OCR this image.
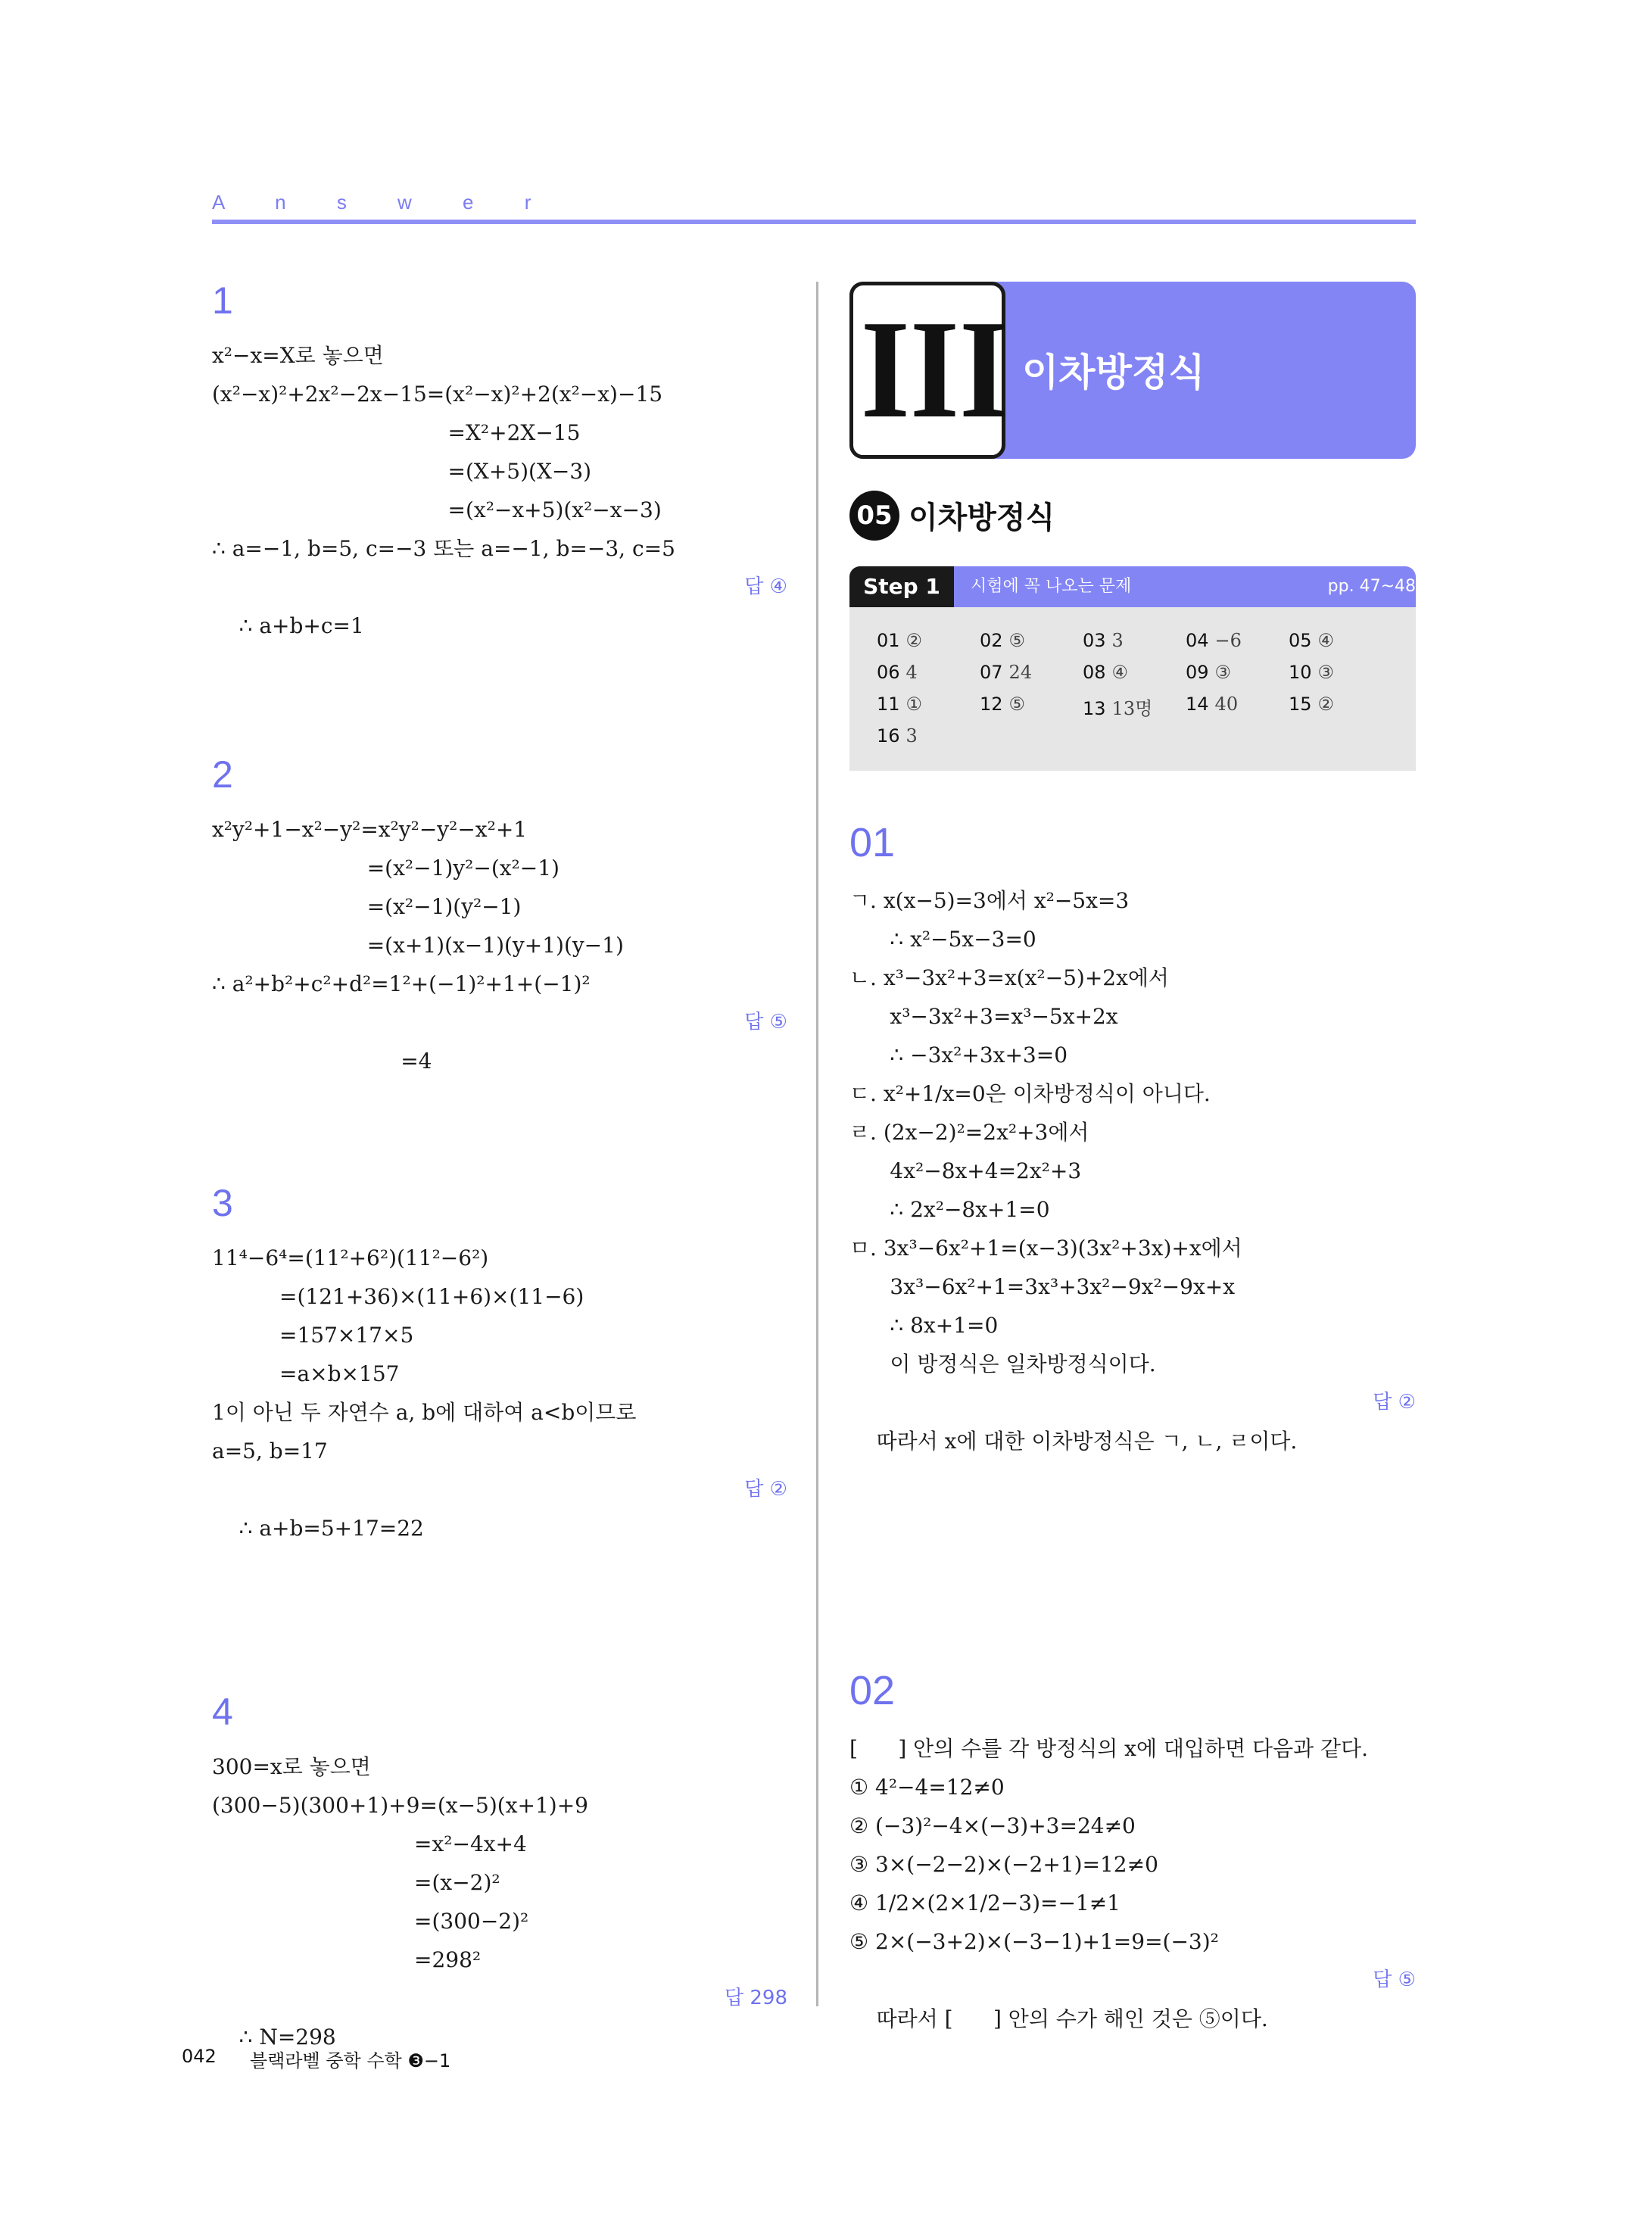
A n s w e r
1
x²−x=X로 놓으면
(x²−x)²+2x²−2x−15=(x²−x)²+2(x²−x)−15
=X²+2X−15
=(X+5)(X−3)
=(x²−x+5)(x²−x−3)
∴ a=−1, b=5, c=−3 또는 a=−1, b=−3, c=5

∴ a+b+c=1

답 ④

2
x²y²+1−x²−y²=x²y²−y²−x²+1
=(x²−1)y²−(x²−1)
=(x²−1)(y²−1)
=(x+1)(x−1)(y+1)(y−1)
∴ a²+b²+c²+d²=1²+(−1)²+1+(−1)²

=4

답 ⑤

3
11⁴−6⁴=(11²+6²)(11²−6²)
=(121+36)×(11+6)×(11−6)
=157×17×5
=a×b×157
1이 아닌 두 자연수 a, b에 대하여 a<b이므로
a=5, b=17

∴ a+b=5+17=22

답 ②

4
300=x로 놓으면
(300−5)(300+1)+9=(x−5)(x+1)+9
=x²−4x+4
=(x−2)²
=(300−2)²
=298²

∴ N=298

답 298

III 이차방정식
05 이차방정식
Step 1	시험에 꼭 나오는 문제	pp. 47~48
01 ②	02 ⑤	03 3	04 −6	05 ④
06 4	07 24	08 ④	09 ③	10 ③
11 ①	12 ⑤	13 13명 14 40	15 ②
16 3
01
ㄱ. x(x−5)=3에서 x²−5x=3
∴ x²−5x−3=0
ㄴ. x³−3x²+3=x(x²−5)+2x에서
x³−3x²+3=x³−5x+2x
∴ −3x²+3x+3=0
ㄷ. x²+1/x=0은 이차방정식이 아니다.
ㄹ. (2x−2)²=2x²+3에서
4x²−8x+4=2x²+3
∴ 2x²−8x+1=0
ㅁ. 3x³−6x²+1=(x−3)(3x²+3x)+x에서
3x³−6x²+1=3x³+3x²−9x²−9x+x
∴ 8x+1=0
이 방정식은 일차방정식이다.

따라서 x에 대한 이차방정식은 ㄱ, ㄴ, ㄹ이다.

답 ②

02
[      ] 안의 수를 각 방정식의 x에 대입하면 다음과 같다.
① 4²−4=12≠0
② (−3)²−4×(−3)+3=24≠0
③ 3×(−2−2)×(−2+1)=12≠0
④ 1/2×(2×1/2−3)=−1≠1
⑤ 2×(−3+2)×(−3−1)+1=9=(−3)²

따라서 [      ] 안의 수가 해인 것은 ⑤이다.

답 ⑤

042 블랙라벨 중학 수학 ❸−1
